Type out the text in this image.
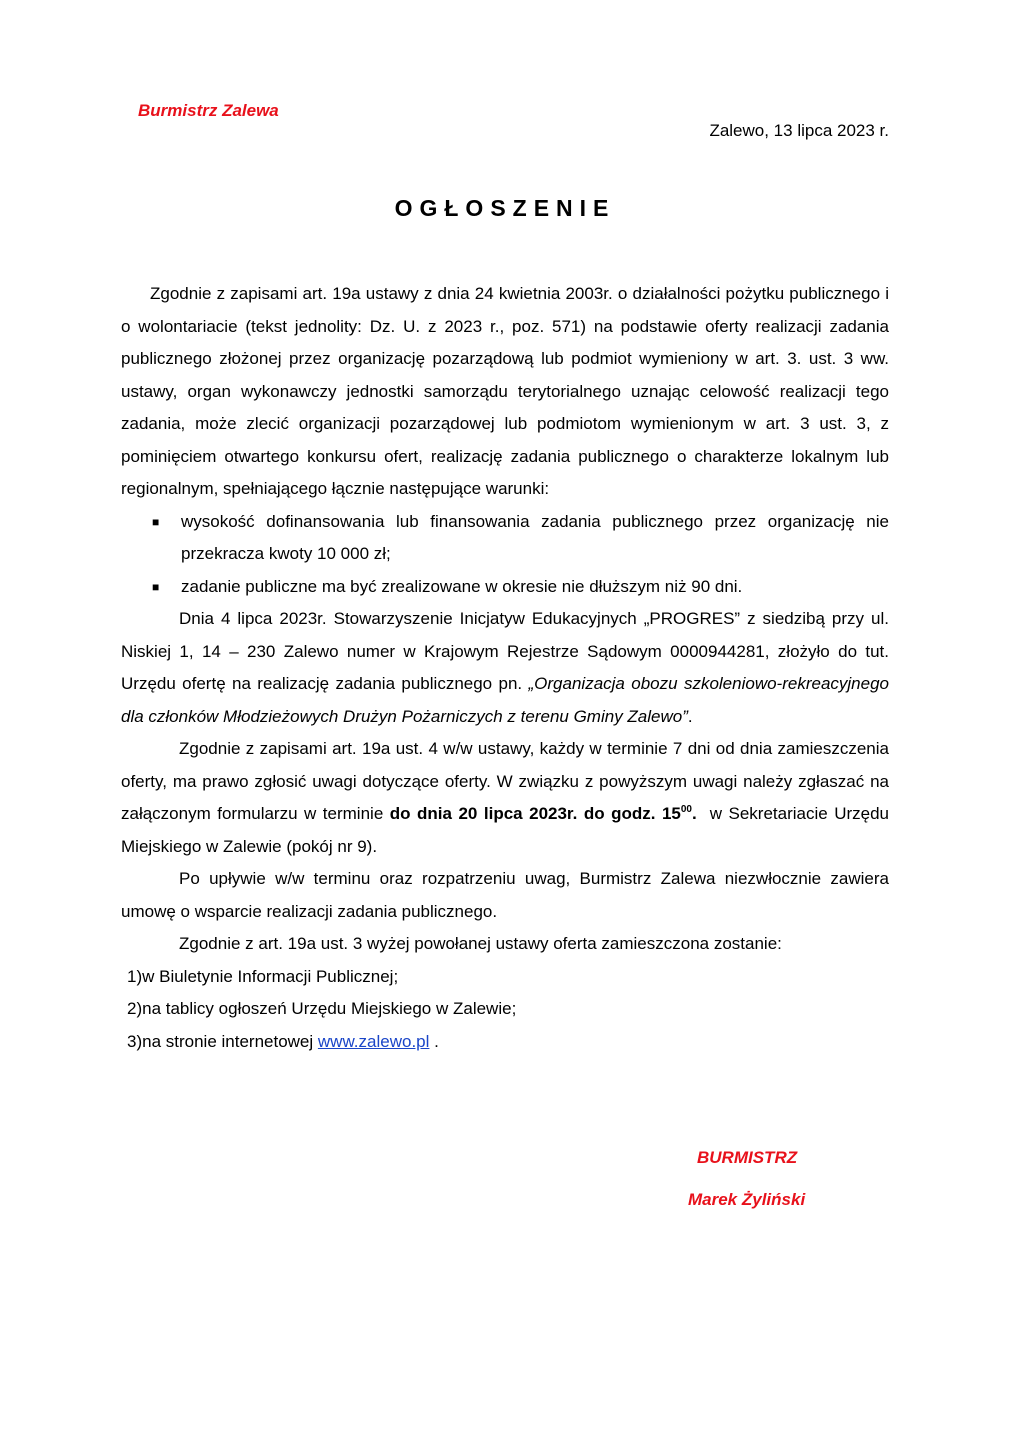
Burmistrz Zalewa

Zalewo, 13 lipca 2023 r.

OGŁOSZENIE

Zgodnie z zapisami art. 19a ustawy z dnia 24 kwietnia 2003r. o działalności pożytku publicznego i o wolontariacie (tekst jednolity: Dz. U. z 2023 r., poz. 571) na podstawie oferty realizacji zadania publicznego złożonej przez organizację pozarządową lub podmiot wymieniony w art. 3. ust. 3 ww. ustawy, organ wykonawczy jednostki samorządu terytorialnego uznając celowość realizacji tego zadania, może zlecić organizacji pozarządowej lub podmiotom wymienionym w art. 3 ust. 3, z pominięciem otwartego konkursu ofert, realizację zadania publicznego o charakterze lokalnym lub regionalnym, spełniającego łącznie następujące warunki:

■ wysokość dofinansowania lub finansowania zadania publicznego przez organizację nie przekracza kwoty 10 000 zł;
■ zadanie publiczne ma być zrealizowane w okresie nie dłuższym niż 90 dni.

Dnia 4 lipca 2023r. Stowarzyszenie Inicjatyw Edukacyjnych „PROGRES” z siedzibą przy ul. Niskiej 1, 14 – 230 Zalewo numer w Krajowym Rejestrze Sądowym 0000944281, złożyło do tut. Urzędu ofertę na realizację zadania publicznego pn. „Organizacja obozu szkoleniowo-rekreacyjnego dla członków Młodzieżowych Drużyn Pożarniczych z terenu Gminy Zalewo”.

Zgodnie z zapisami art. 19a ust. 4 w/w ustawy, każdy w terminie 7 dni od dnia zamieszczenia oferty, ma prawo zgłosić uwagi dotyczące oferty. W związku z powyższym uwagi należy zgłaszać na załączonym formularzu w terminie do dnia 20 lipca 2023r. do godz. $15^{00}$. w Sekretariacie Urzędu Miejskiego w Zalewie (pokój nr 9).

Po upływie w/w terminu oraz rozpatrzeniu uwag, Burmistrz Zalewa niezwłocznie zawiera umowę o wsparcie realizacji zadania publicznego.

Zgodnie z art. 19a ust. 3 wyżej powołanej ustawy oferta zamieszczona zostanie:

1)w Biuletynie Informacji Publicznej;
2)na tablicy ogłoszeń Urzędu Miejskiego w Zalewie;
3)na stronie internetowej www.zalewo.pl .

BURMISTRZ

Marek Żyliński
